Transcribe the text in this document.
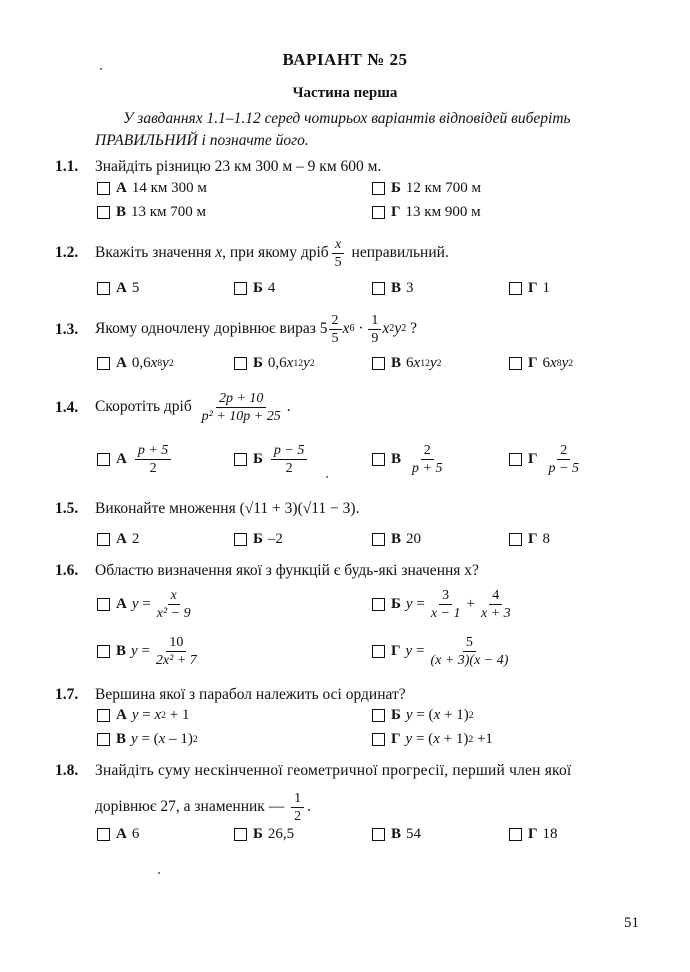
ВАРІАНТ № 25
Частина перша
У завданнях 1.1–1.12 серед чотирьох варіантів відповідей виберіть ПРАВИЛЬНИЙ і позначте його.
1.1. Знайдіть різницю 23 км 300 м – 9 км 600 м.
А 14 км 300 м	Б 12 км 700 м
В 13 км 700 м	Г 13 км 900 м
1.2. Вкажіть значення
x , при якому дріб $\frac{x}{5}$
неправильний.
А 5	Б 4	В 3	Г 1
1.3. Якому одночлену дорівнює вираз
$5 \frac{2}{5}$ x $6 \cdot \frac{1}{9}$ x 2 y 2 ?
А 0,6 x 8 y 2	Б 0,6 x 12 y 2	В 6 x 12 y 2	Г 6 x 8 y 2
1.4. Скоротіть дріб
$\frac{2p + 10}{\text{p² + 10p + 25}}$ .
А $\frac{p + 5}{2}$	Б $\frac{p - 5}{2}$	В $\frac{2}{p + 5}$	Г $\frac{2}{p - 5}$
1.5. Виконайте множення (√11 + 3)(√11 − 3).
А 2	Б –2	В 20	Г 8
1.6. Областю визначення якої з функцій є будь-які значення x?
А $y = \frac{x}{\text{x² − 9}}$	Б $y = \frac{3}{x - 1} + \frac{4}{x + 3}$
В $y = \frac{10}{\text{2x² + 7}}$	Г $y = \frac{5}{(x + 3)(x - 4)}$
1.7. Вершина якої з парабол належить осі ординат?
А y = x 2 + 1	Б y = ( x + 1) 2
В y = ( x – 1) 2	Г y = ( x + 1) 2 +1
1.8. Знайдіть суму нескінченної геометричної прогресії, перший член якої
дорівнює 27, а знаменник —
$\frac{1}{2}$ .
А 6	Б 26,5	В 54	Г 18
51
